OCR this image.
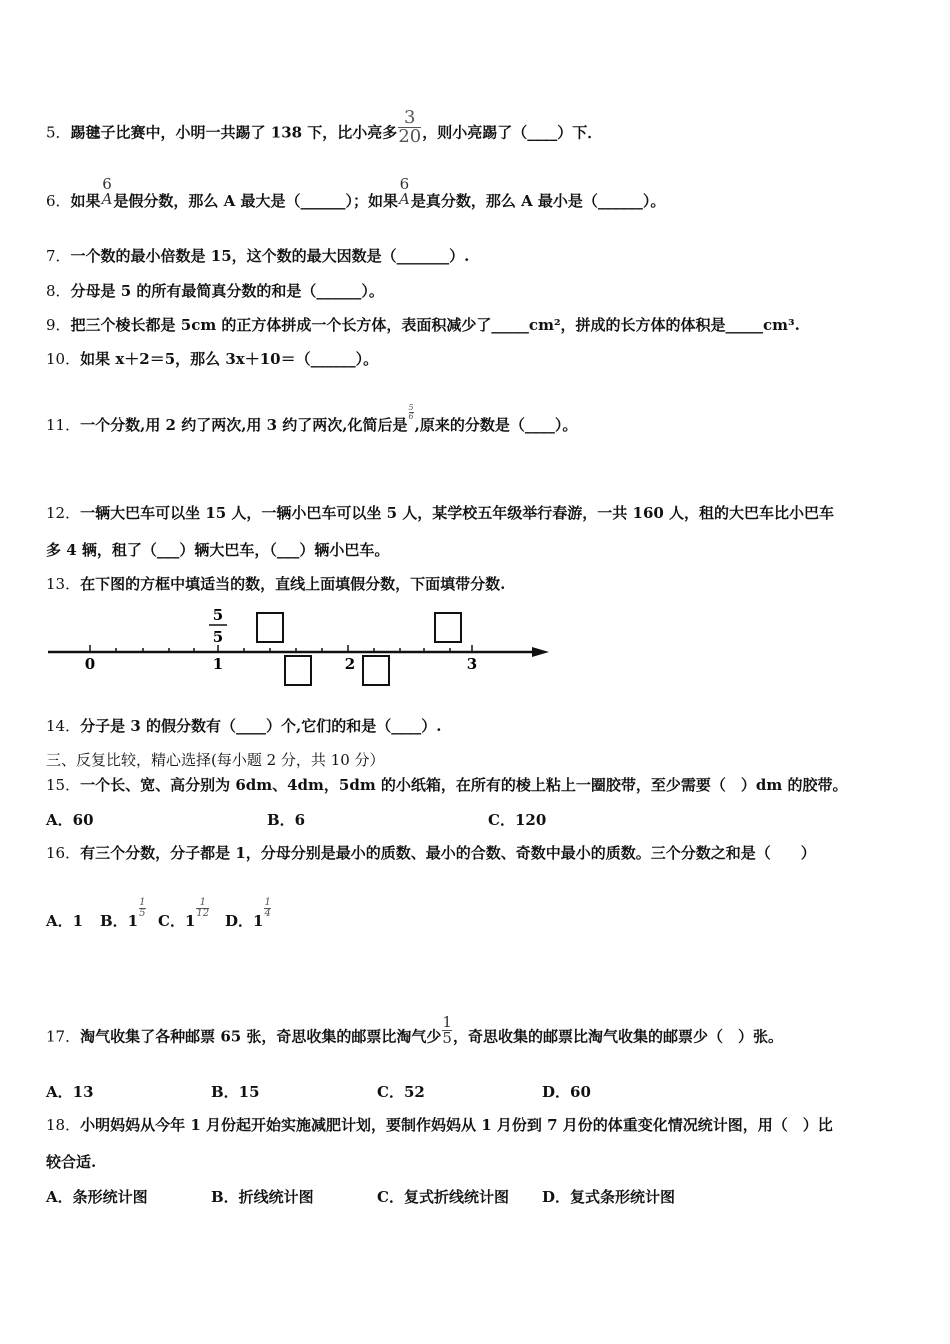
5．踢毽子比赛中，小明一共踢了 138 下，比小亮多 $\frac{3}{20}$ ，则小亮踢了（____）下．
6．如果
6
A 是假分数，那么 A 最大是（______）；如果
6
A 是真分数，那么 A 最小是（______）。
7．一个数的最小倍数是 15，这个数的最大因数是（_______）.
8．分母是 5 的所有最简真分数的和是（______）。
9．把三个棱长都是 5cm 的正方体拼成一个长方体，表面积减少了_____cm²，拼成的长方体的体积是_____cm³.
10．如果 x＋2＝5，那么 3x＋10＝（______）。
11．一个分数,用 2 约了两次,用 3 约了两次,化简后是
$\frac{5}{6}$
,原来的分数是（____）。
12．一辆大巴车可以坐 15 人，一辆小巴车可以坐 5 人，某学校五年级举行春游，一共 160 人，租的大巴车比小巴车
多 4 辆，租了（___）辆大巴车，（___）辆小巴车。
13．在下图的方框中填适当的数，直线上面填假分数，下面填带分数.
0	1	2	3
5
5
14．分子是 3 的假分数有（____）个,它们的和是（____）.
三、反复比较，精心选择(每小题 2 分，共 10 分）
15．一个长、宽、高分别为 6dm、4dm，5dm 的小纸箱，在所有的棱上粘上一圈胶带，至少需要（　）dm 的胶带。
A．60	B．6	C．120
16．有三个分数，分子都是 1，分母分别是最小的质数、最小的合数、奇数中最小的质数。三个分数之和是（　　）
A．1 B．1
$\frac{1}{5}$
C．1
$\frac{1}{12}$
D．1
$\frac{1}{4}$
17．淘气收集了各种邮票 65 张，奇思收集的邮票比淘气少 $\frac{1}{5}$ ，奇思收集的邮票比淘气收集的邮票少（　）张。
A．13	B．15	C．52	D．60
18．小明妈妈从今年 1 月份起开始实施减肥计划，要制作妈妈从 1 月份到 7 月份的体重变化情况统计图，用（　）比
较合适.
A．条形统计图	B．折线统计图	C．复式折线统计图 D．复式条形统计图
